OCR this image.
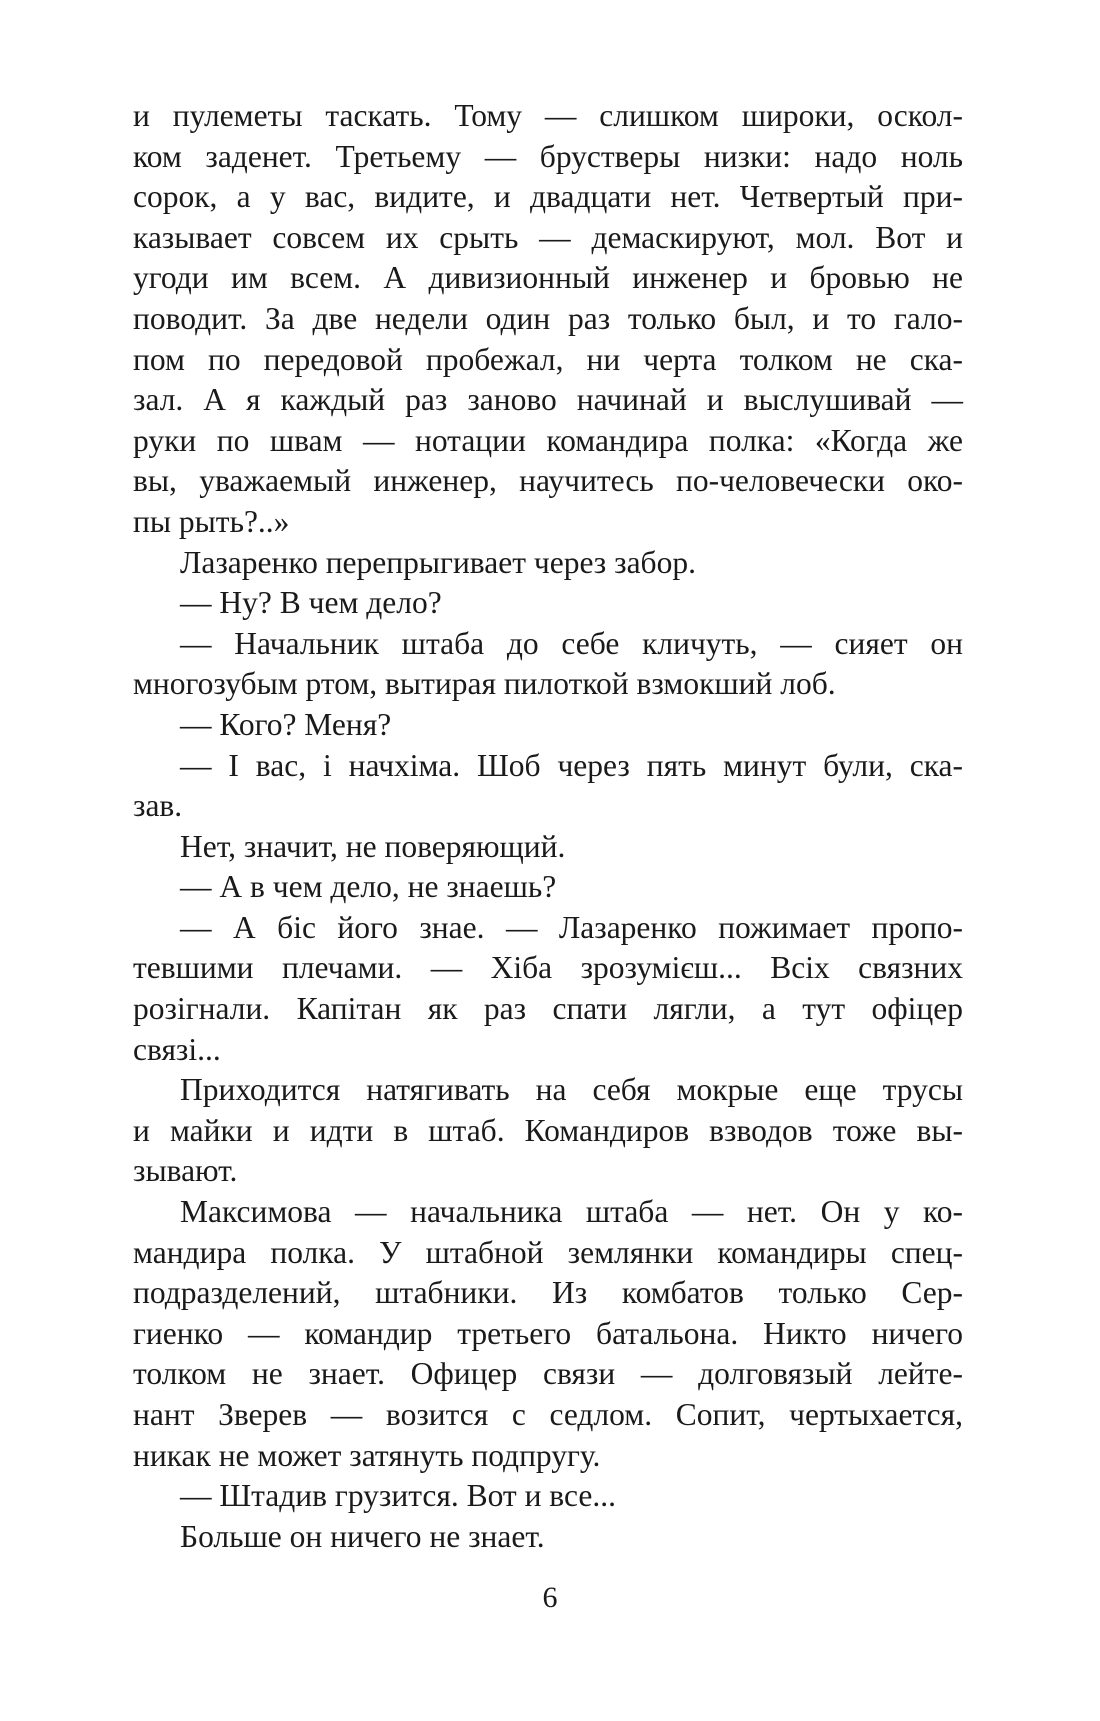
и пулеметы таскать. Тому — слишком широки, оскол-
ком заденет. Третьему — брустверы низки: надо ноль
сорок, а у вас, видите, и двадцати нет. Четвертый при-
казывает совсем их срыть — демаскируют, мол. Вот и
угоди им всем. А дивизионный инженер и бровью не
поводит. За две недели один раз только был, и то гало-
пом по передовой пробежал, ни черта толком не ска-
зал. А я каждый раз заново начинай и выслушивай —
руки по швам — нотации командира полка: «Когда же
вы, уважаемый инженер, научитесь по-человечески око-
пы рыть?..»
Лазаренко перепрыгивает через забор.
— Ну? В чем дело?
— Начальник штаба до себе кличуть, — сияет он
многозубым ртом, вытирая пилоткой взмокший лоб.
— Кого? Меня?
— І вас, і начхіма. Шоб через пять минут були, ска-
зав.
Нет, значит, не поверяющий.
— А в чем дело, не знаешь?
— А біс його знае. — Лазаренко пожимает пропо-
тевшими плечами. — Хіба зрозумієш... Всіх связних
розігнали. Капітан як раз спати лягли, а тут офіцер
связі...
Приходится натягивать на себя мокрые еще трусы
и майки и идти в штаб. Командиров взводов тоже вы-
зывают.
Максимова — начальника штаба — нет. Он у ко-
мандира полка. У штабной землянки командиры спец-
подразделений, штабники. Из комбатов только Сер-
гиенко — командир третьего батальона. Никто ничего
толком не знает. Офицер связи — долговязый лейте-
нант Зверев — возится с седлом. Сопит, чертыхается,
никак не может затянуть подпругу.
— Штадив грузится. Вот и все...
Больше он ничего не знает.
6
